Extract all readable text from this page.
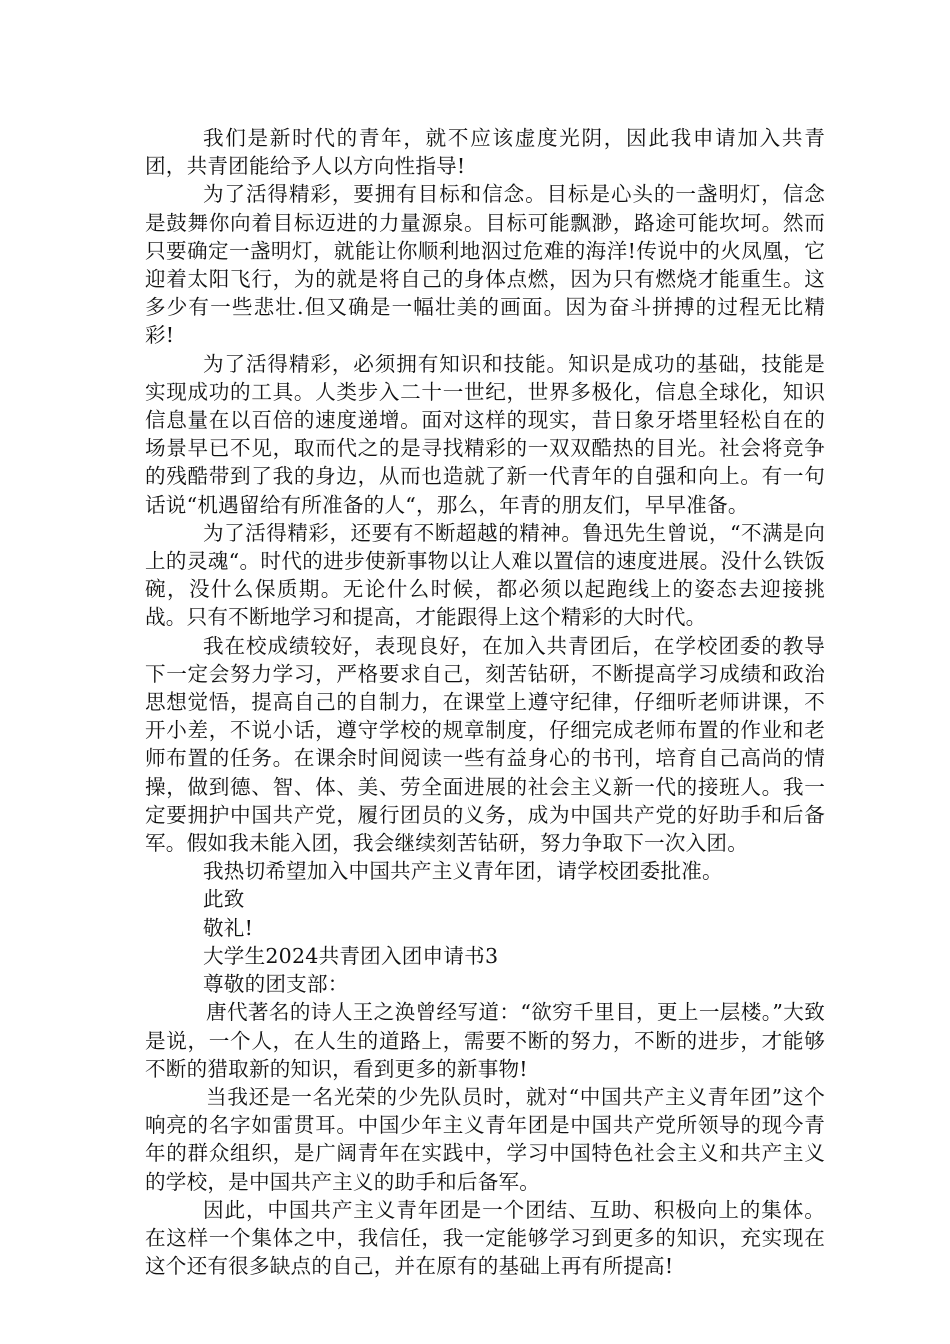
我们是新时代的青年，就不应该虚度光阴，因此我申请加入共青团，共青团能给予人以方向性指导!

为了活得精彩，要拥有目标和信念。目标是心头的一盏明灯，信念是鼓舞你向着目标迈进的力量源泉。目标可能飘渺，路途可能坎坷。然而只要确定一盏明灯，就能让你顺利地泅过危难的海洋!传说中的火凤凰，它迎着太阳飞行，为的就是将自己的身体点燃，因为只有燃烧才能重生。这多少有一些悲壮.但又确是一幅壮美的画面。因为奋斗拼搏的过程无比精彩!

为了活得精彩，必须拥有知识和技能。知识是成功的基础，技能是实现成功的工具。人类步入二十一世纪，世界多极化，信息全球化，知识信息量在以百倍的速度递增。面对这样的现实，昔日象牙塔里轻松自在的场景早已不见，取而代之的是寻找精彩的一双双酷热的目光。社会将竞争的残酷带到了我的身边，从而也造就了新一代青年的自强和向上。有一句话说“机遇留给有所准备的人“，那么，年青的朋友们，早早准备。

为了活得精彩，还要有不断超越的精神。鲁迅先生曾说，“不满是向上的灵魂“。时代的进步使新事物以让人难以置信的速度进展。没什么铁饭碗，没什么保质期。无论什么时候，都必须以起跑线上的姿态去迎接挑战。只有不断地学习和提高，才能跟得上这个精彩的大时代。

我在校成绩较好，表现良好，在加入共青团后，在学校团委的教导下一定会努力学习，严格要求自己，刻苦钻研，不断提高学习成绩和政治思想觉悟，提高自己的自制力，在课堂上遵守纪律，仔细听老师讲课，不开小差，不说小话，遵守学校的规章制度，仔细完成老师布置的作业和老师布置的任务。在课余时间阅读一些有益身心的书刊，培育自己高尚的情操，做到德、智、体、美、劳全面进展的社会主义新一代的接班人。我一定要拥护中国共产党，履行团员的义务，成为中国共产党的好助手和后备军。假如我未能入团，我会继续刻苦钻研，努力争取下一次入团。

我热切希望加入中国共产主义青年团，请学校团委批准。

此致

敬礼!

大学生2024共青团入团申请书3

尊敬的团支部：

唐代著名的诗人王之涣曾经写道：“欲穷千里目，更上一层楼。”大致是说，一个人，在人生的道路上，需要不断的努力，不断的进步，才能够不断的猎取新的知识，看到更多的新事物!

当我还是一名光荣的少先队员时，就对“中国共产主义青年团”这个响亮的名字如雷贯耳。中国少年主义青年团是中国共产党所领导的现今青年的群众组织，是广阔青年在实践中，学习中国特色社会主义和共产主义的学校，是中国共产主义的助手和后备军。

因此，中国共产主义青年团是一个团结、互助、积极向上的集体。在这样一个集体之中，我信任，我一定能够学习到更多的知识，充实现在这个还有很多缺点的自己，并在原有的基础上再有所提高!
